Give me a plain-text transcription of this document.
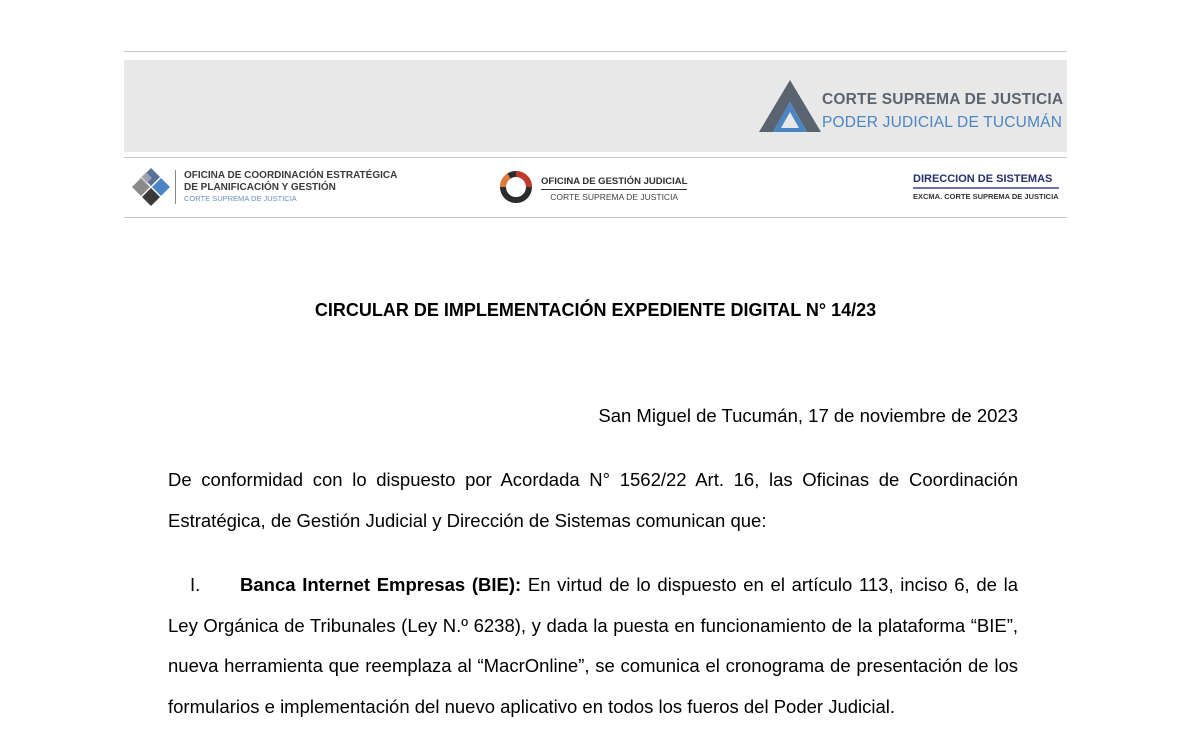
CORTE SUPREMA DE JUSTICIA
PODER JUDICIAL DE TUCUMÁN
OFICINA DE COORDINACIÓN ESTRATÉGICA
DE PLANIFICACIÓN Y GESTIÓN
CORTE SUPREMA DE JUSTICIA
OFICINA DE GESTIÓN JUDICIAL
CORTE SUPREMA DE JUSTICIA
DIRECCION DE SISTEMAS
EXCMA. CORTE SUPREMA DE JUSTICIA
CIRCULAR DE IMPLEMENTACIÓN EXPEDIENTE DIGITAL N° 14/23
San Miguel de Tucumán, 17 de noviembre de 2023
De conformidad con lo dispuesto por Acordada N° 1562/22 Art. 16, las Oficinas de Coordinación Estratégica, de Gestión Judicial y Dirección de Sistemas comunican que:
I. Banca Internet Empresas (BIE): En virtud de lo dispuesto en el artículo 113, inciso 6, de la Ley Orgánica de Tribunales (Ley N.º 6238), y dada la puesta en funcionamiento de la plataforma “BIE”, nueva herramienta que reemplaza al “MacrOnline”, se comunica el cronograma de presentación de los formularios e implementación del nuevo aplicativo en todos los fueros del Poder Judicial.
